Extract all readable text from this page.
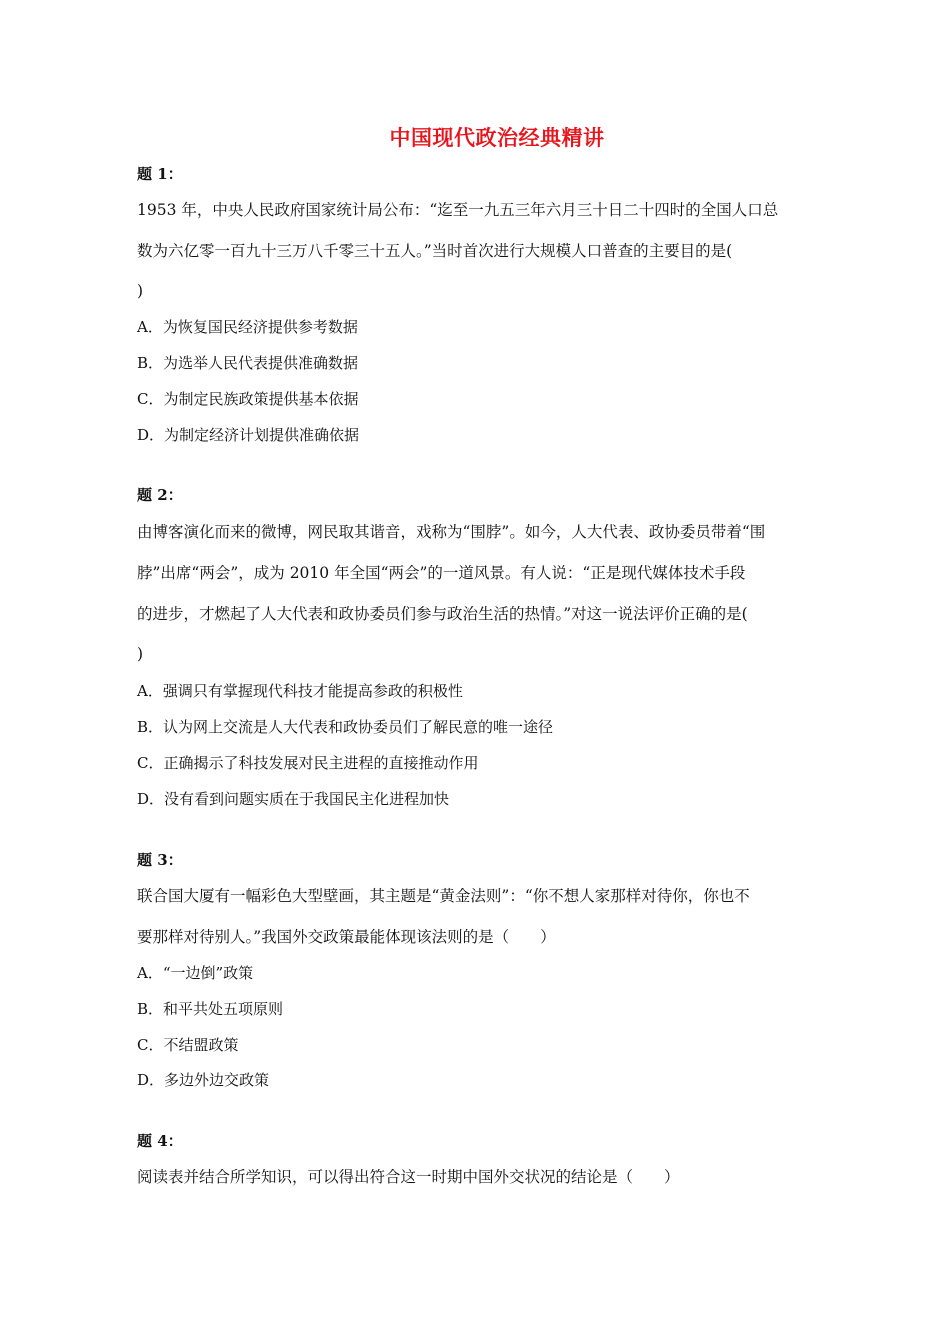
中国现代政治经典精讲
题 1：
1953 年，中央人民政府国家统计局公布：“迄至一九五三年六月三十日二十四时的全国人口总
数为六亿零一百九十三万八千零三十五人。”当时首次进行大规模人口普查的主要目的是(
)
A．为恢复国民经济提供参考数据
B．为选举人民代表提供准确数据
C．为制定民族政策提供基本依据
D．为制定经济计划提供准确依据
题 2：
由博客演化而来的微博，网民取其谐音，戏称为“围脖”。如今，人大代表、政协委员带着“围
脖”出席“两会”，成为 2010 年全国“两会”的一道风景。有人说：“正是现代媒体技术手段
的进步，才燃起了人大代表和政协委员们参与政治生活的热情。”对这一说法评价正确的是(
)
A．强调只有掌握现代科技才能提高参政的积极性
B．认为网上交流是人大代表和政协委员们了解民意的唯一途径
C．正确揭示了科技发展对民主进程的直接推动作用
D．没有看到问题实质在于我国民主化进程加快
题 3：
联合国大厦有一幅彩色大型壁画，其主题是“黄金法则”：“你不想人家那样对待你，你也不
要那样对待别人。”我国外交政策最能体现该法则的是（　　）
A．“一边倒”政策
B．和平共处五项原则
C．不结盟政策
D．多边外边交政策
题 4：
阅读表并结合所学知识，可以得出符合这一时期中国外交状况的结论是（　　）
